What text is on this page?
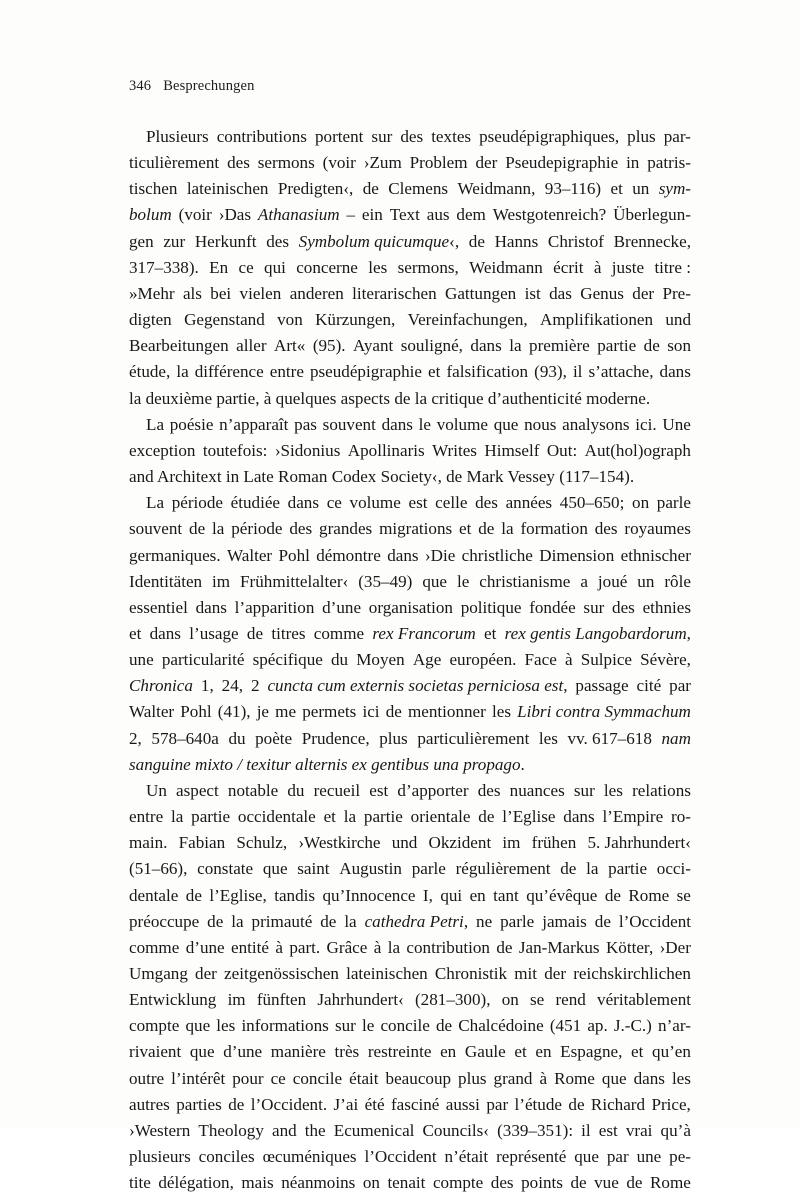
346 Besprechungen

Plusieurs contributions portent sur des textes pseudépigraphiques, plus par-
ticulièrement des sermons (voir ›Zum Problem der Pseudepigraphie in patris-
tischen lateinischen Predigten‹, de Clemens Weidmann, 93–116) et un sym-
bolum (voir ›Das Athanasium – ein Text aus dem Westgotenreich? Überlegun-
gen zur Herkunft des Symbolum quicumque‹, de Hanns Christof Brennecke,
317–338). En ce qui concerne les sermons, Weidmann écrit à juste titre :
»Mehr als bei vielen anderen literarischen Gattungen ist das Genus der Pre-
digten Gegenstand von Kürzungen, Vereinfachungen, Amplifikationen und
Bearbeitungen aller Art« (95). Ayant souligné, dans la première partie de son
étude, la différence entre pseudépigraphie et falsification (93), il s’attache, dans
la deuxième partie, à quelques aspects de la critique d’authenticité moderne.

La poésie n’apparaît pas souvent dans le volume que nous analysons ici. Une
exception toutefois: ›Sidonius Apollinaris Writes Himself Out: Aut(hol)ograph
and Architext in Late Roman Codex Society‹, de Mark Vessey (117–154).

La période étudiée dans ce volume est celle des années 450–650; on parle
souvent de la période des grandes migrations et de la formation des royaumes
germaniques. Walter Pohl démontre dans ›Die christliche Dimension ethnischer
Identitäten im Frühmittelalter‹ (35–49) que le christianisme a joué un rôle
essentiel dans l’apparition d’une organisation politique fondée sur des ethnies
et dans l’usage de titres comme rex Francorum et rex gentis Langobardorum,
une particularité spécifique du Moyen Age européen. Face à Sulpice Sévère,
Chronica 1, 24, 2 cuncta cum externis societas perniciosa est, passage cité par
Walter Pohl (41), je me permets ici de mentionner les Libri contra Symmachum
2, 578–640a du poète Prudence, plus particulièrement les vv. 617–618 nam
sanguine mixto / texitur alternis ex gentibus una propago.

Un aspect notable du recueil est d’apporter des nuances sur les relations
entre la partie occidentale et la partie orientale de l’Eglise dans l’Empire ro-
main. Fabian Schulz, ›Westkirche und Okzident im frühen 5. Jahrhundert‹
(51–66), constate que saint Augustin parle régulièrement de la partie occi-
dentale de l’Eglise, tandis qu’Innocence I, qui en tant qu’évêque de Rome se
préoccupe de la primauté de la cathedra Petri, ne parle jamais de l’Occident
comme d’une entité à part. Grâce à la contribution de Jan-Markus Kötter, ›Der
Umgang der zeitgenössischen lateinischen Chronistik mit der reichskirchlichen
Entwicklung im fünften Jahrhundert‹ (281–300), on se rend véritablement
compte que les informations sur le concile de Chalcédoine (451 ap. J.-C.) n’ar-
rivaient que d’une manière très restreinte en Gaule et en Espagne, et qu’en
outre l’intérêt pour ce concile était beaucoup plus grand à Rome que dans les
autres parties de l’Occident. J’ai été fasciné aussi par l’étude de Richard Price,
›Western Theology and the Ecumenical Councils‹ (339–351): il est vrai qu’à
plusieurs conciles œcuméniques l’Occident n’était représenté que par une pe-
tite délégation, mais néanmoins on tenait compte des points de vue de Rome
